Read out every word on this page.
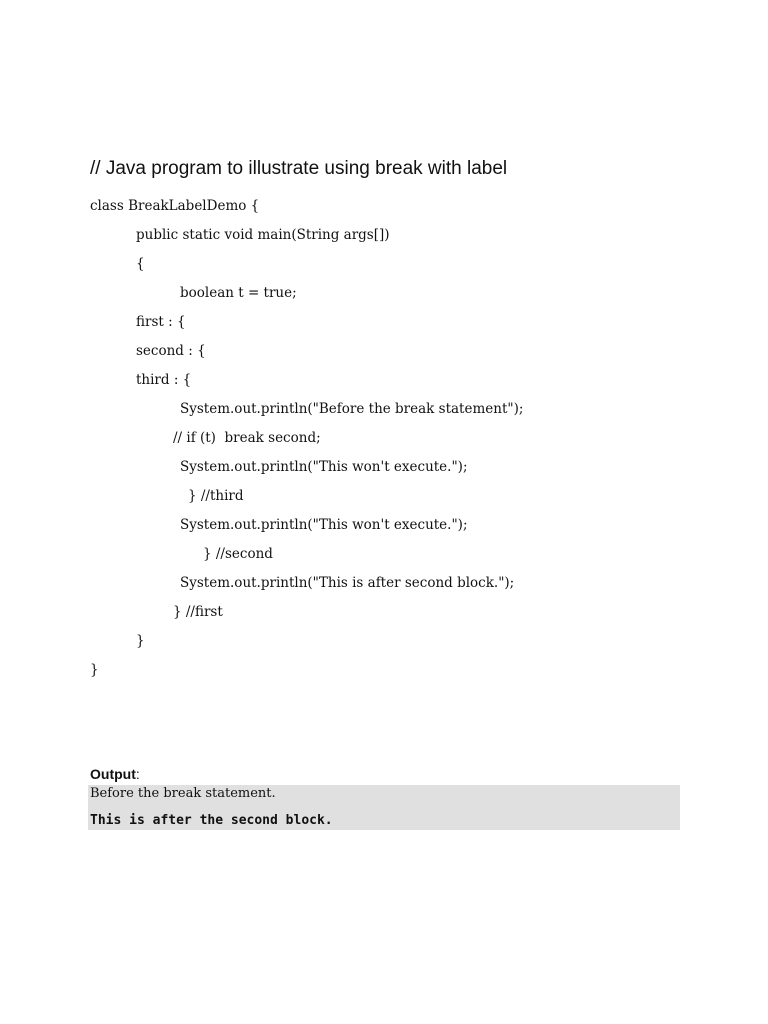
// Java program to illustrate using break with label
class BreakLabelDemo {
public static void main(String args[])
{
boolean t = true;
first : {
second : {
third : {
System.out.println("Before the break statement");
// if (t)  break second;
System.out.println("This won't execute.");
} //third
System.out.println("This won't execute.");
} //second
System.out.println("This is after second block.");
} //first
}
}
Output:
Before the break statement.
This is after the second block.
